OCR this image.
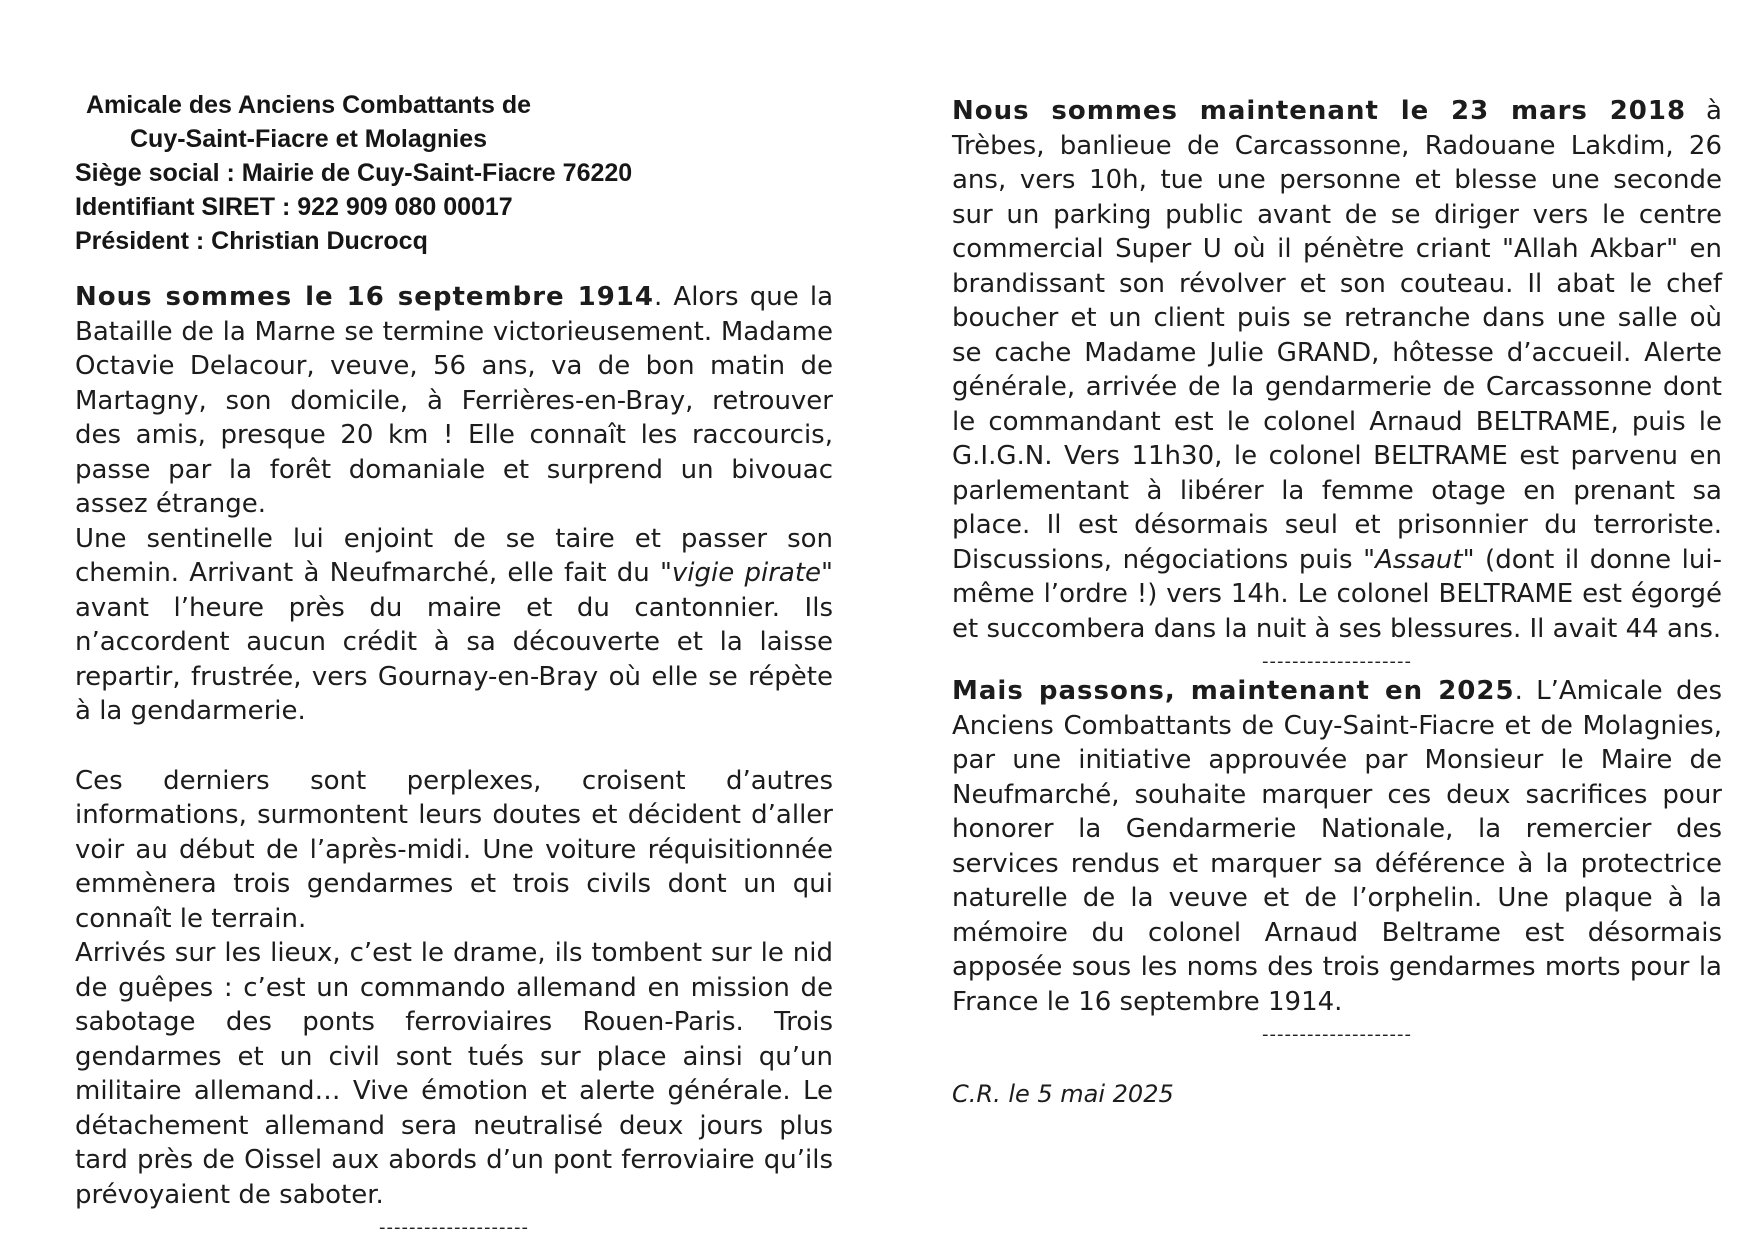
Amicale des Anciens Combattants de
Cuy-Saint-Fiacre et Molagnies
Siège social : Mairie de Cuy-Saint-Fiacre 76220
Identifiant SIRET : 922 909 080 00017
Président : Christian Ducrocq

Nous sommes le 16 septembre 1914. Alors que la Bataille de la Marne se termine victorieusement. Madame Octavie Delacour, veuve, 56 ans, va de bon matin de Martagny, son domicile, à Ferrières-en-Bray, retrouver des amis, presque 20 km ! Elle connaît les raccourcis, passe par la forêt domaniale et surprend un bivouac assez étrange.

Une sentinelle lui enjoint de se taire et passer son chemin. Arrivant à Neufmarché, elle fait du "vigie pirate" avant l’heure près du maire et du cantonnier. Ils n’accordent aucun crédit à sa découverte et la laisse repartir, frustrée, vers Gournay-en-Bray où elle se répète à la gendarmerie.

Ces derniers sont perplexes, croisent d’autres informations, surmontent leurs doutes et décident d’aller voir au début de l’après-midi. Une voiture réquisitionnée emmènera trois gendarmes et trois civils dont un qui connaît le terrain.

Arrivés sur les lieux, c’est le drame, ils tombent sur le nid de guêpes : c’est un commando allemand en mission de sabotage des ponts ferroviaires Rouen-Paris. Trois gendarmes et un civil sont tués sur place ainsi qu’un militaire allemand… Vive émotion et alerte générale. Le détachement allemand sera neutralisé deux jours plus tard près de Oissel aux abords d’un pont ferroviaire qu’ils prévoyaient de saboter.

--------------------

Nous sommes maintenant le 23 mars 2018 à Trèbes, banlieue de Carcassonne, Radouane Lakdim, 26 ans, vers 10h, tue une personne et blesse une seconde sur un parking public avant de se diriger vers le centre commercial Super U où il pénètre criant "Allah Akbar" en brandissant son révolver et son couteau. Il abat le chef boucher et un client puis se retranche dans une salle où se cache Madame Julie GRAND, hôtesse d’accueil. Alerte générale, arrivée de la gendarmerie de Carcassonne dont le commandant est le colonel Arnaud BELTRAME, puis le G.I.G.N. Vers 11h30, le colonel BELTRAME est parvenu en parlementant à libérer la femme otage en prenant sa place. Il est désormais seul et prisonnier du terroriste. Discussions, négociations puis "Assaut" (dont il donne lui-même l’ordre !) vers 14h. Le colonel BELTRAME est égorgé et succombera dans la nuit à ses blessures. Il avait 44 ans.

--------------------

Mais passons, maintenant en 2025. L’Amicale des Anciens Combattants de Cuy-Saint-Fiacre et de Molagnies, par une initiative approuvée par Monsieur le Maire de Neufmarché, souhaite marquer ces deux sacrifices pour honorer la Gendarmerie Nationale, la remercier des services rendus et marquer sa déférence à la protectrice naturelle de la veuve et de l’orphelin. Une plaque à la mémoire du colonel Arnaud Beltrame est désormais apposée sous les noms des trois gendarmes morts pour la France le 16 septembre 1914.

--------------------
C.R. le 5 mai 2025
